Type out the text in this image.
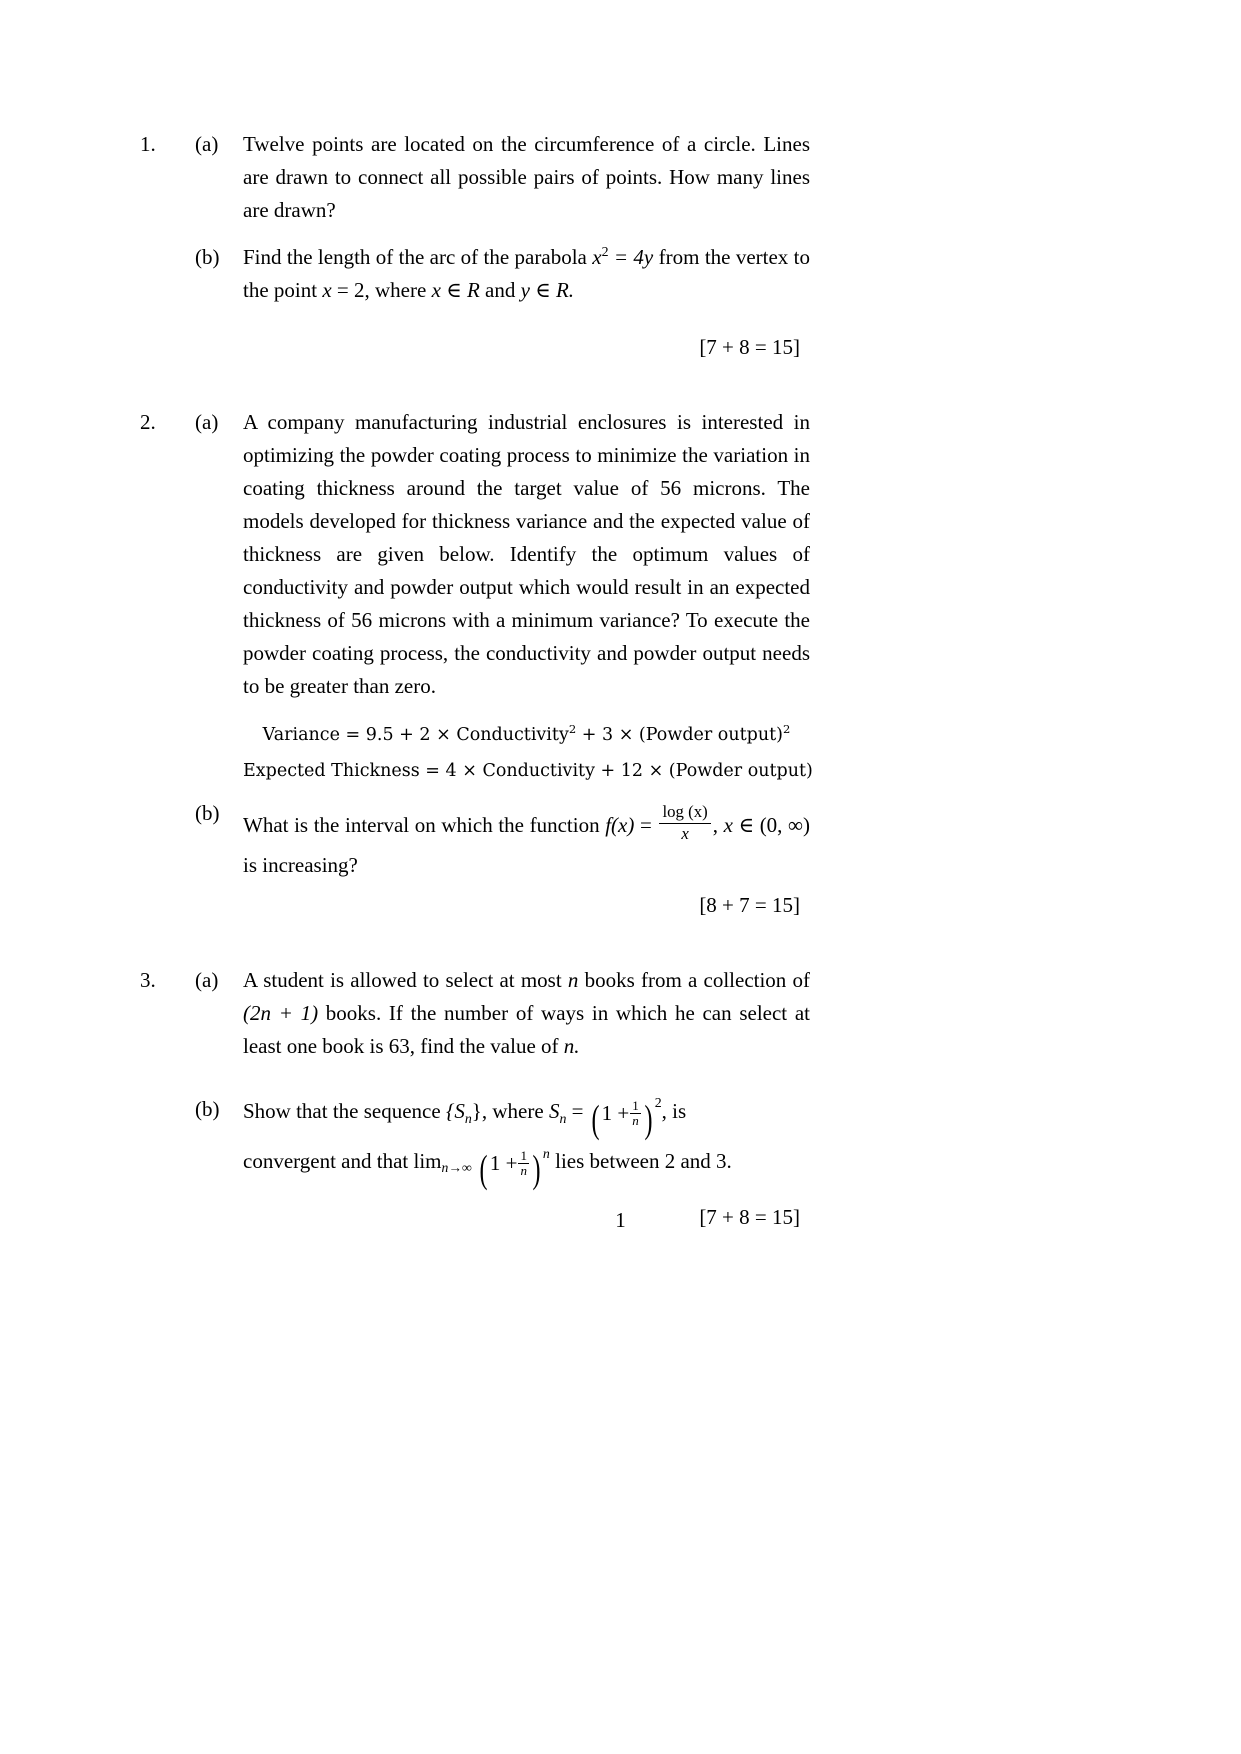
1.	(a) Twelve points are located on the circumference of a circle. Lines are drawn to connect all possible pairs of points. How many lines are drawn?
(b) Find the length of the arc of the parabola $x^2 = 4y$ from the vertex to the point x = 2, where x ∈ R and y ∈ R.
[7 + 8 = 15]
2.	(a) A company manufacturing industrial enclosures is interested in optimizing the powder coating process to minimize the variation in coating thickness around the target value of 56 microns. The models developed for thickness variance and the expected value of thickness are given below. Identify the optimum values of conductivity and powder output which would result in an expected thickness of 56 microns with a minimum variance? To execute the powder coating process, the conductivity and powder output needs to be greater than zero.
Variance = 9.5 + 2 × Conductivity$^2$ + 3 × (Powder output)$^2$
Expected Thickness = 4 × Conductivity + 12 × (Powder output)
(b) What is the interval on which the function $f(x) = \frac{\log (x)}{x}$ , x ∈ (0, ∞) is increasing?
[8 + 7 = 15]
3.	(a) A student is allowed to select at most n books from a collection of (2n + 1) books. If the number of ways in which he can select at least one book is 63, find the value of n.
(b) Show that the sequence $\{S_n\}$, where $S_n$ = ( $1 + \frac{1}{n}$ ) $^2$, is
convergent and that limn→∞ ( $1 + \frac{1}{n}$ ) $^n$ lies between 2 and 3.
[7 + 8 = 15]
1
